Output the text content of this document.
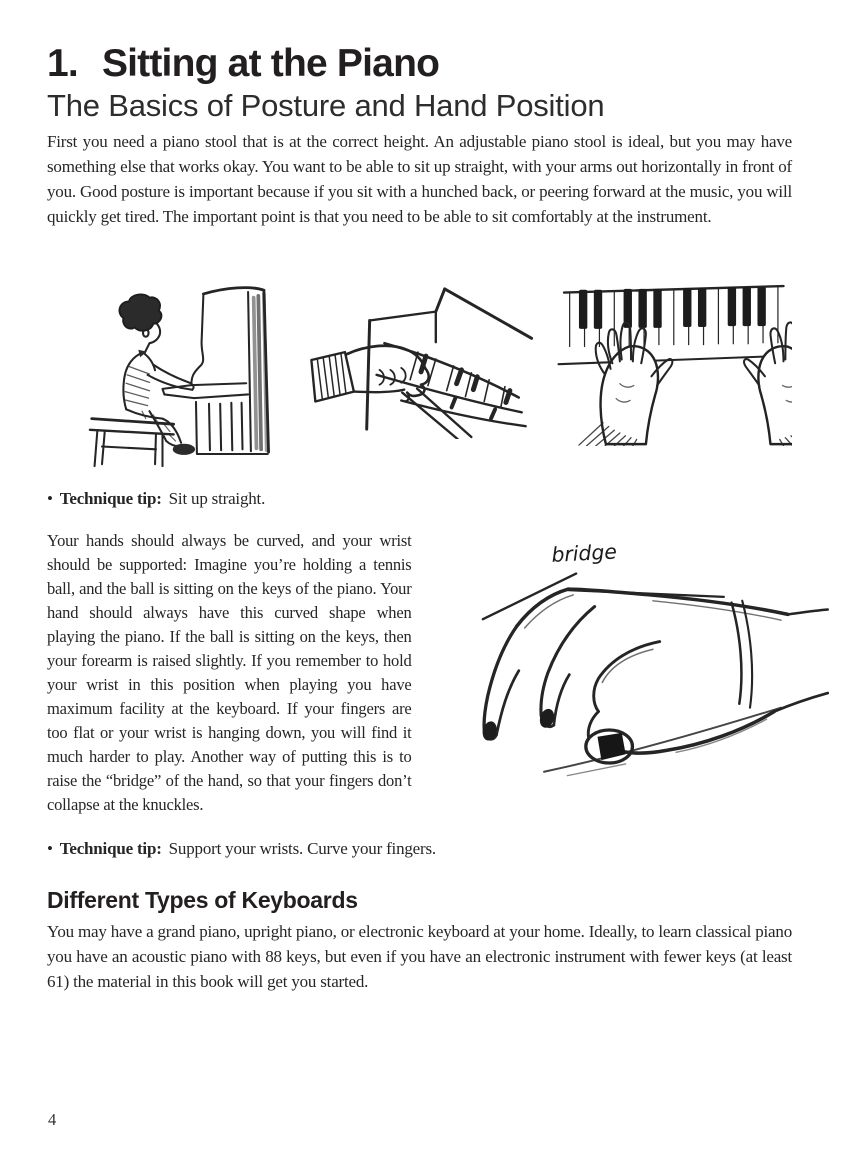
1. Sitting at the Piano
The Basics of Posture and Hand Position

First you need a piano stool that is at the correct height. An adjustable piano stool is ideal, but you may have something else that works okay. You want to be able to sit up straight, with your arms out horizontally in front of you. Good posture is important because if you sit with a hunched back, or peering forward at the music, you will quickly get tired. The important point is that you need to be able to sit comfortably at the instrument.

• Technique tip: Sit up straight.

Your hands should always be curved, and your wrist should be supported: Imagine you’re holding a tennis ball, and the ball is sitting on the keys of the piano. Your hand should always have this curved shape when playing the piano. If the ball is sitting on the keys, then your forearm is raised slightly. If you remember to hold your wrist in this position when playing you have maximum facility at the keyboard. If your fingers are too flat or your wrist is hanging down, you will find it much harder to play. Another way of putting this is to raise the “bridge” of the hand, so that your fingers don’t collapse at the knuckles.

bridge

• Technique tip: Support your wrists. Curve your fingers.

Different Types of Keyboards

You may have a grand piano, upright piano, or electronic keyboard at your home. Ideally, to learn classical piano you have an acoustic piano with 88 keys, but even if you have an electronic instrument with fewer keys (at least 61) the material in this book will get you started.

4
